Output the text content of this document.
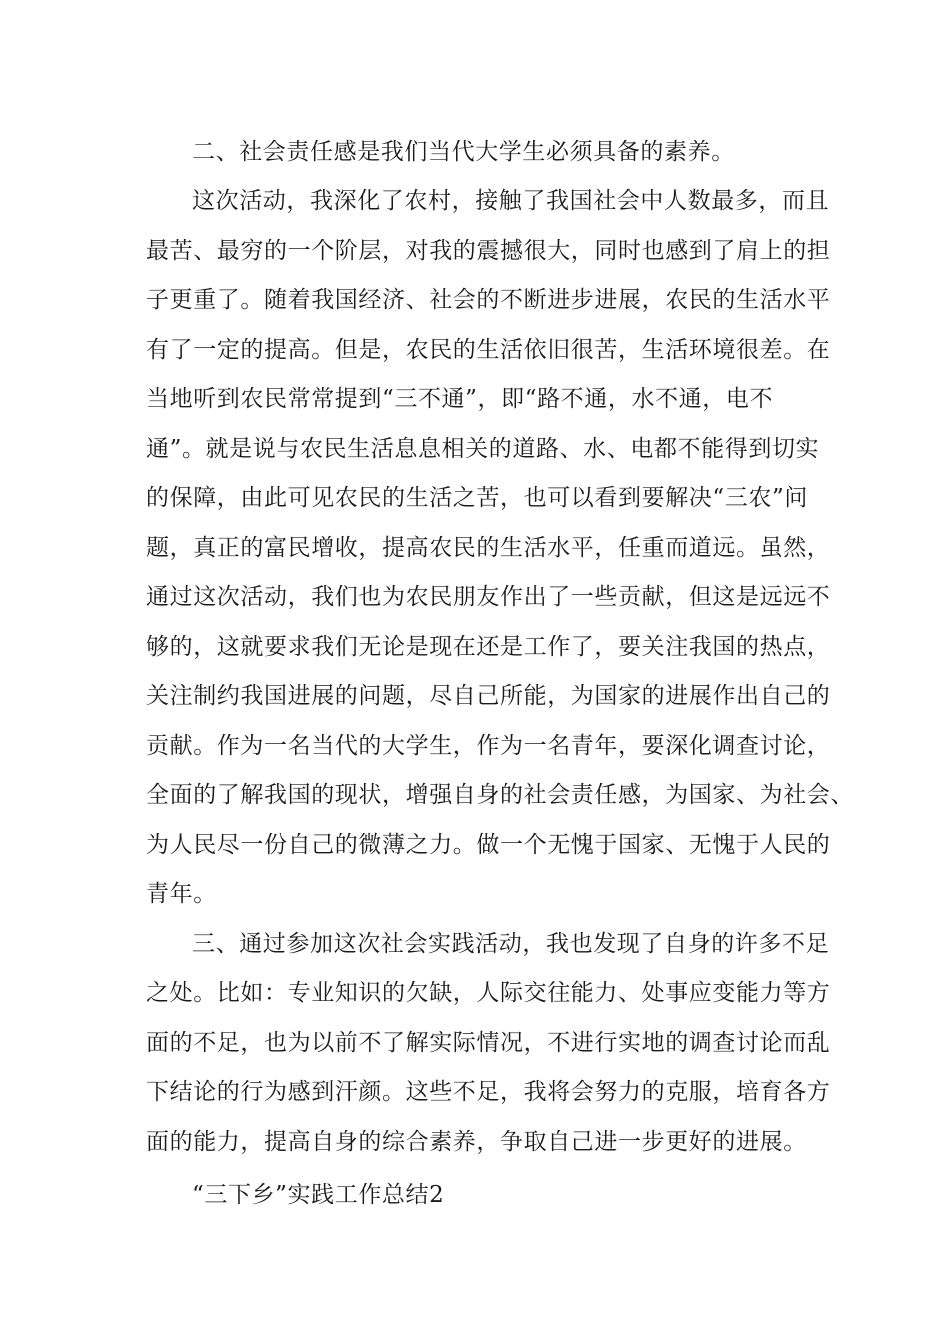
二、社会责任感是我们当代大学生必须具备的素养。
这次活动，我深化了农村，接触了我国社会中人数最多，而且
最苦、最穷的一个阶层，对我的震撼很大，同时也感到了肩上的担
子更重了。随着我国经济、社会的不断进步进展，农民的生活水平
有了一定的提高。但是，农民的生活依旧很苦，生活环境很差。在
当地听到农民常常提到“三不通”，即“路不通，水不通，电不
通”。就是说与农民生活息息相关的道路、水、电都不能得到切实
的保障，由此可见农民的生活之苦，也可以看到要解决“三农”问
题，真正的富民增收，提高农民的生活水平，任重而道远。虽然，
通过这次活动，我们也为农民朋友作出了一些贡献，但这是远远不
够的，这就要求我们无论是现在还是工作了，要关注我国的热点，
关注制约我国进展的问题，尽自己所能，为国家的进展作出自己的
贡献。作为一名当代的大学生，作为一名青年，要深化调查讨论，
全面的了解我国的现状，增强自身的社会责任感，为国家、为社会、
为人民尽一份自己的微薄之力。做一个无愧于国家、无愧于人民的
青年。
三、通过参加这次社会实践活动，我也发现了自身的许多不足
之处。比如：专业知识的欠缺，人际交往能力、处事应变能力等方
面的不足，也为以前不了解实际情况，不进行实地的调查讨论而乱
下结论的行为感到汗颜。这些不足，我将会努力的克服，培育各方
面的能力，提高自身的综合素养，争取自己进一步更好的进展。
“三下乡”实践工作总结2
